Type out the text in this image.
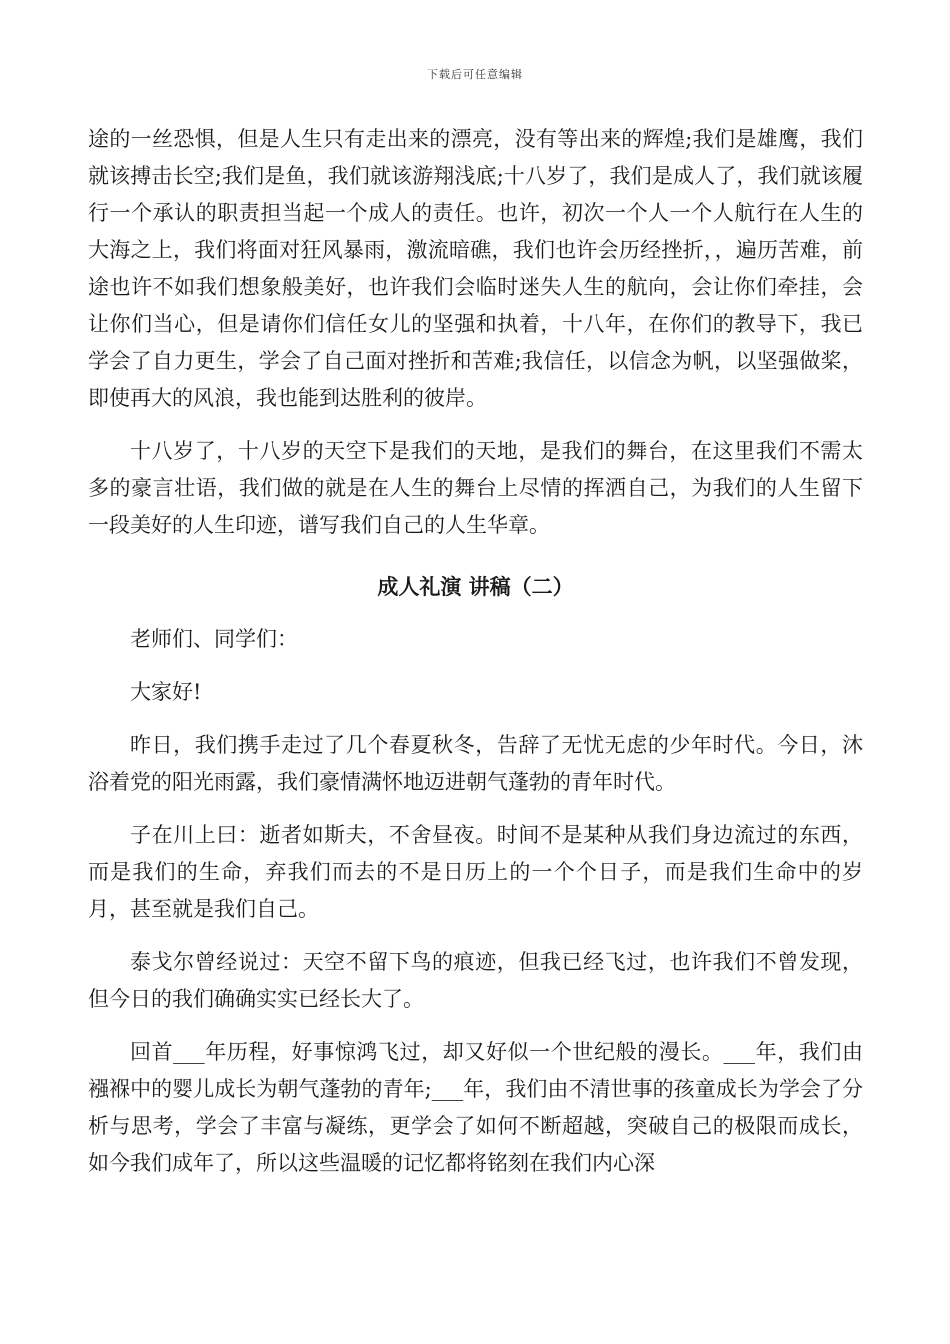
下载后可任意编辑

途的一丝恐惧，但是人生只有走出来的漂亮，没有等出来的辉煌;我们是雄鹰，我们就该搏击长空;我们是鱼，我们就该游翔浅底;十八岁了，我们是成人了，我们就该履行一个承认的职责担当起一个成人的责任。也许，初次一个人一个人航行在人生的大海之上，我们将面对狂风暴雨，激流暗礁，我们也许会历经挫折，，遍历苦难，前途也许不如我们想象般美好，也许我们会临时迷失人生的航向，会让你们牵挂，会让你们当心，但是请你们信任女儿的坚强和执着，十八年，在你们的教导下，我已学会了自力更生，学会了自己面对挫折和苦难;我信任，以信念为帆，以坚强做桨，即使再大的风浪，我也能到达胜利的彼岸。

十八岁了，十八岁的天空下是我们的天地，是我们的舞台，在这里我们不需太多的豪言壮语，我们做的就是在人生的舞台上尽情的挥洒自己，为我们的人生留下一段美好的人生印迹，谱写我们自己的人生华章。

成人礼演 讲稿（二）

老师们、同学们：

大家好!

昨日，我们携手走过了几个春夏秋冬，告辞了无忧无虑的少年时代。今日，沐浴着党的阳光雨露，我们豪情满怀地迈进朝气蓬勃的青年时代。

子在川上曰：逝者如斯夫，不舍昼夜。时间不是某种从我们身边流过的东西，而是我们的生命，弃我们而去的不是日历上的一个个日子，而是我们生命中的岁月，甚至就是我们自己。

泰戈尔曾经说过：天空不留下鸟的痕迹，但我已经飞过，也许我们不曾发现，但今日的我们确确实实已经长大了。

回首___年历程，好事惊鸿飞过，却又好似一个世纪般的漫长。___年，我们由襁褓中的婴儿成长为朝气蓬勃的青年;___年，我们由不清世事的孩童成长为学会了分析与思考，学会了丰富与凝练，更学会了如何不断超越，突破自己的极限而成长，如今我们成年了，所以这些温暖的记忆都将铭刻在我们内心深
